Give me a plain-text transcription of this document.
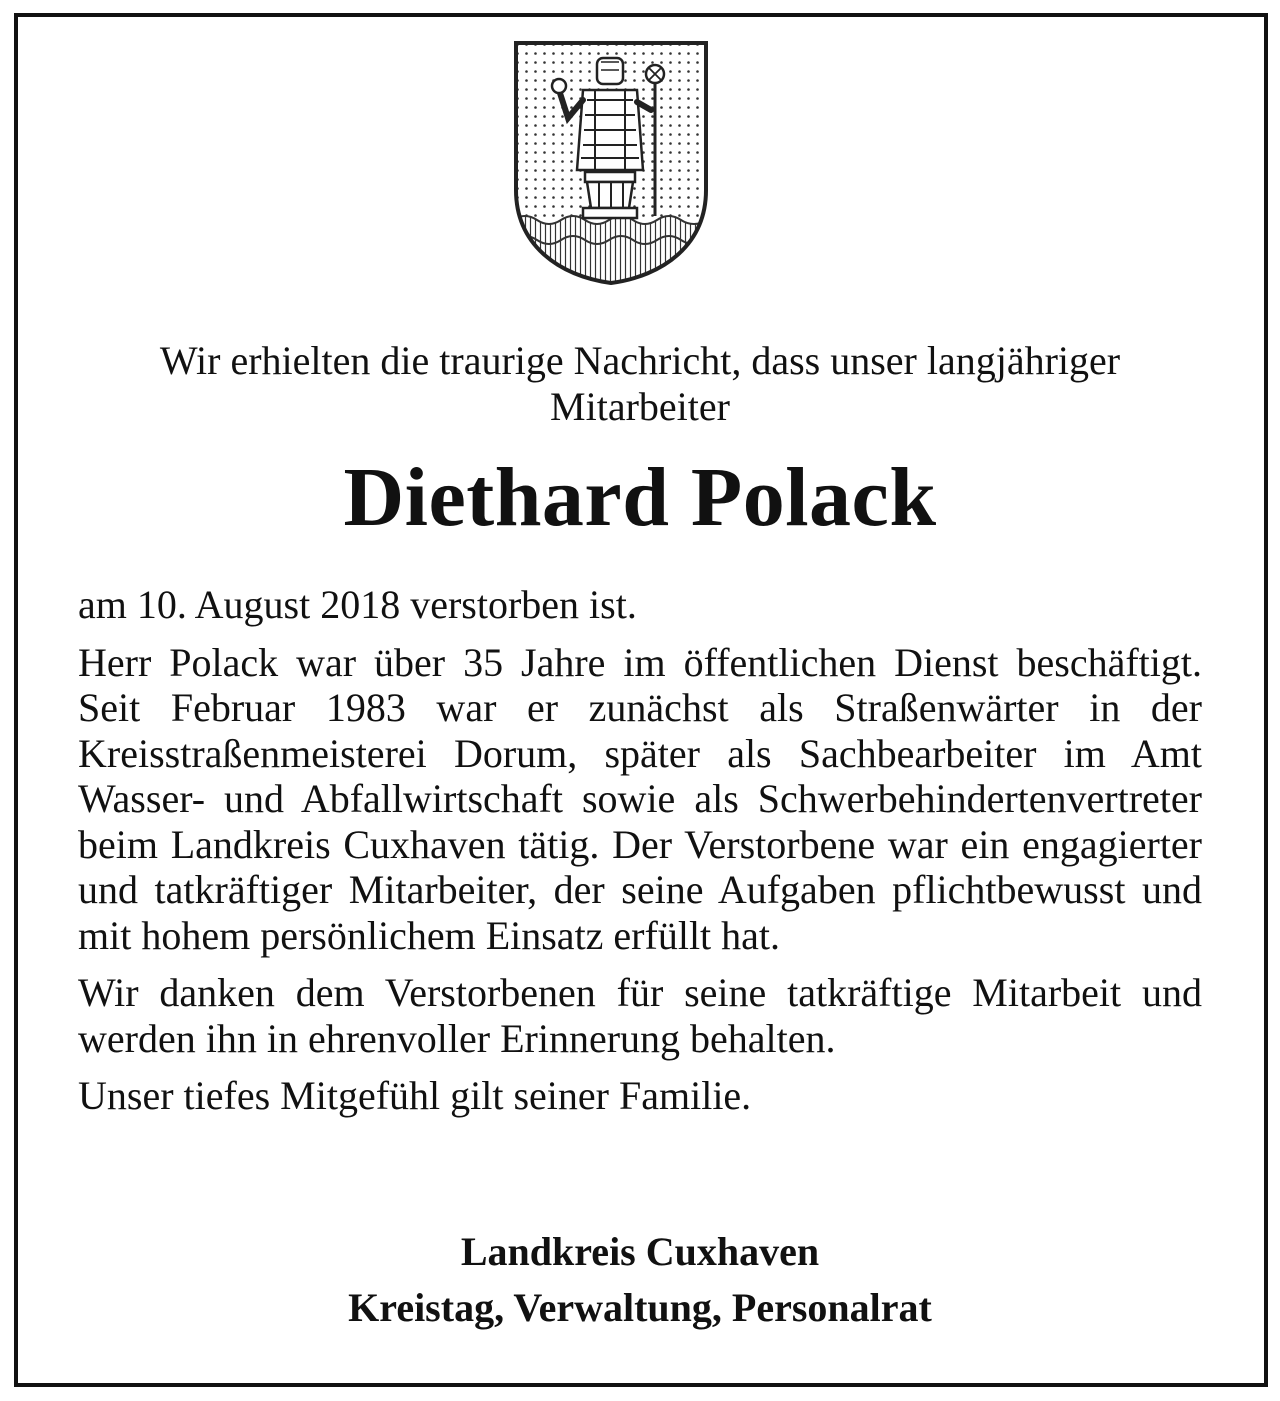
Wir erhielten die traurige Nachricht, dass unser langjähriger
Mitarbeiter
Diethard Polack

am 10. August 2018 verstorben ist.

Herr Polack war über 35 Jahre im öffentlichen Dienst beschäftigt. Seit Februar 1983 war er zunächst als Straßenwärter in der Kreisstraßenmeisterei Dorum, später als Sachbearbeiter im Amt Wasser- und Abfallwirtschaft sowie als Schwerbehindertenvertreter beim Landkreis Cuxhaven tätig. Der Verstorbene war ein engagierter und tatkräftiger Mitarbeiter, der seine Aufgaben pflichtbewusst und mit hohem persönlichem Einsatz erfüllt hat.

Wir danken dem Verstorbenen für seine tatkräftige Mitarbeit und werden ihn in ehrenvoller Erinnerung behalten.

Unser tiefes Mitgefühl gilt seiner Familie.

Landkreis Cuxhaven
Kreistag, Verwaltung, Personalrat
